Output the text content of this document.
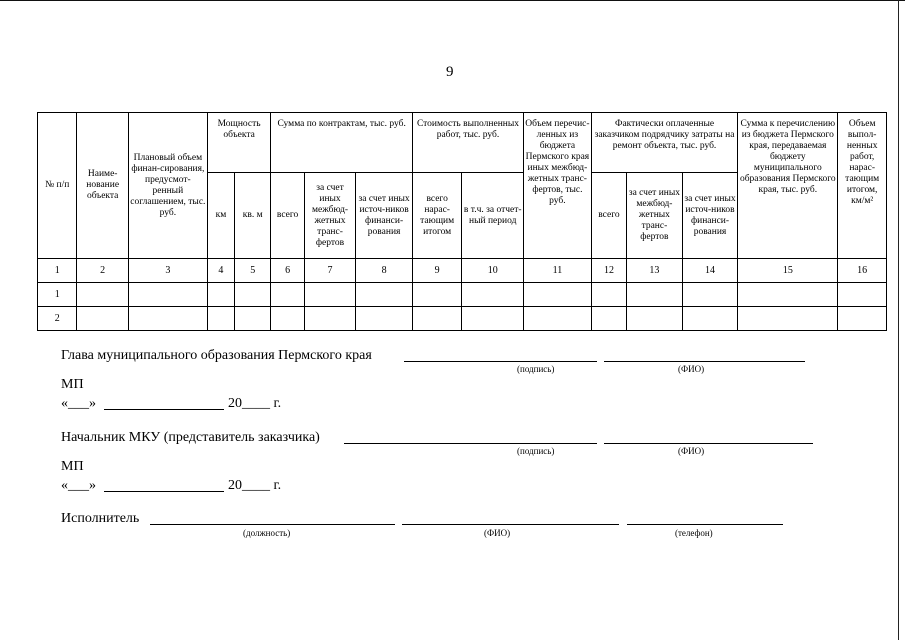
9
№ п/п	Наиме-нование объекта	Плановый объем финан-сирования, предусмот-ренный соглашением, тыс. руб.	Мощность объекта		Сумма по контрактам, тыс. руб.			Стоимость выполненных работ, тыс. руб.		Объем перечис-ленных из бюджета Пермского края иных межбюд-жетных транс-фертов, тыс. руб.	Фактически оплаченные заказчиком подрядчику затраты на ремонт объекта, тыс. руб.			Сумма к перечислению из бюджета Пермского края, передаваемая бюджету муниципального образования Пермского края, тыс. руб.	Объем выпол-ненных работ, нарас-тающим итогом, км/м²
			км	кв. м	всего	за счет иных межбюд-жетных транс-фертов	за счет иных источ-ников финанси-рования	всего нарас-тающим итогом	в т.ч. за отчет-ный период		всего	за счет иных межбюд-жетных транс-фертов	за счет иных источ-ников финанси-рования		
1	2	3	4	5	6	7	8	9	10	11	12	13	14	15	16
1															
2															
Глава муниципального образования Пермского края
(подпись)	(ФИО)
МП
«___»	20____ г.
Начальник МКУ (представитель заказчика)
(подпись)	(ФИО)
МП
«___»	20____ г.
Исполнитель
(должность)	(ФИО)	(телефон)
